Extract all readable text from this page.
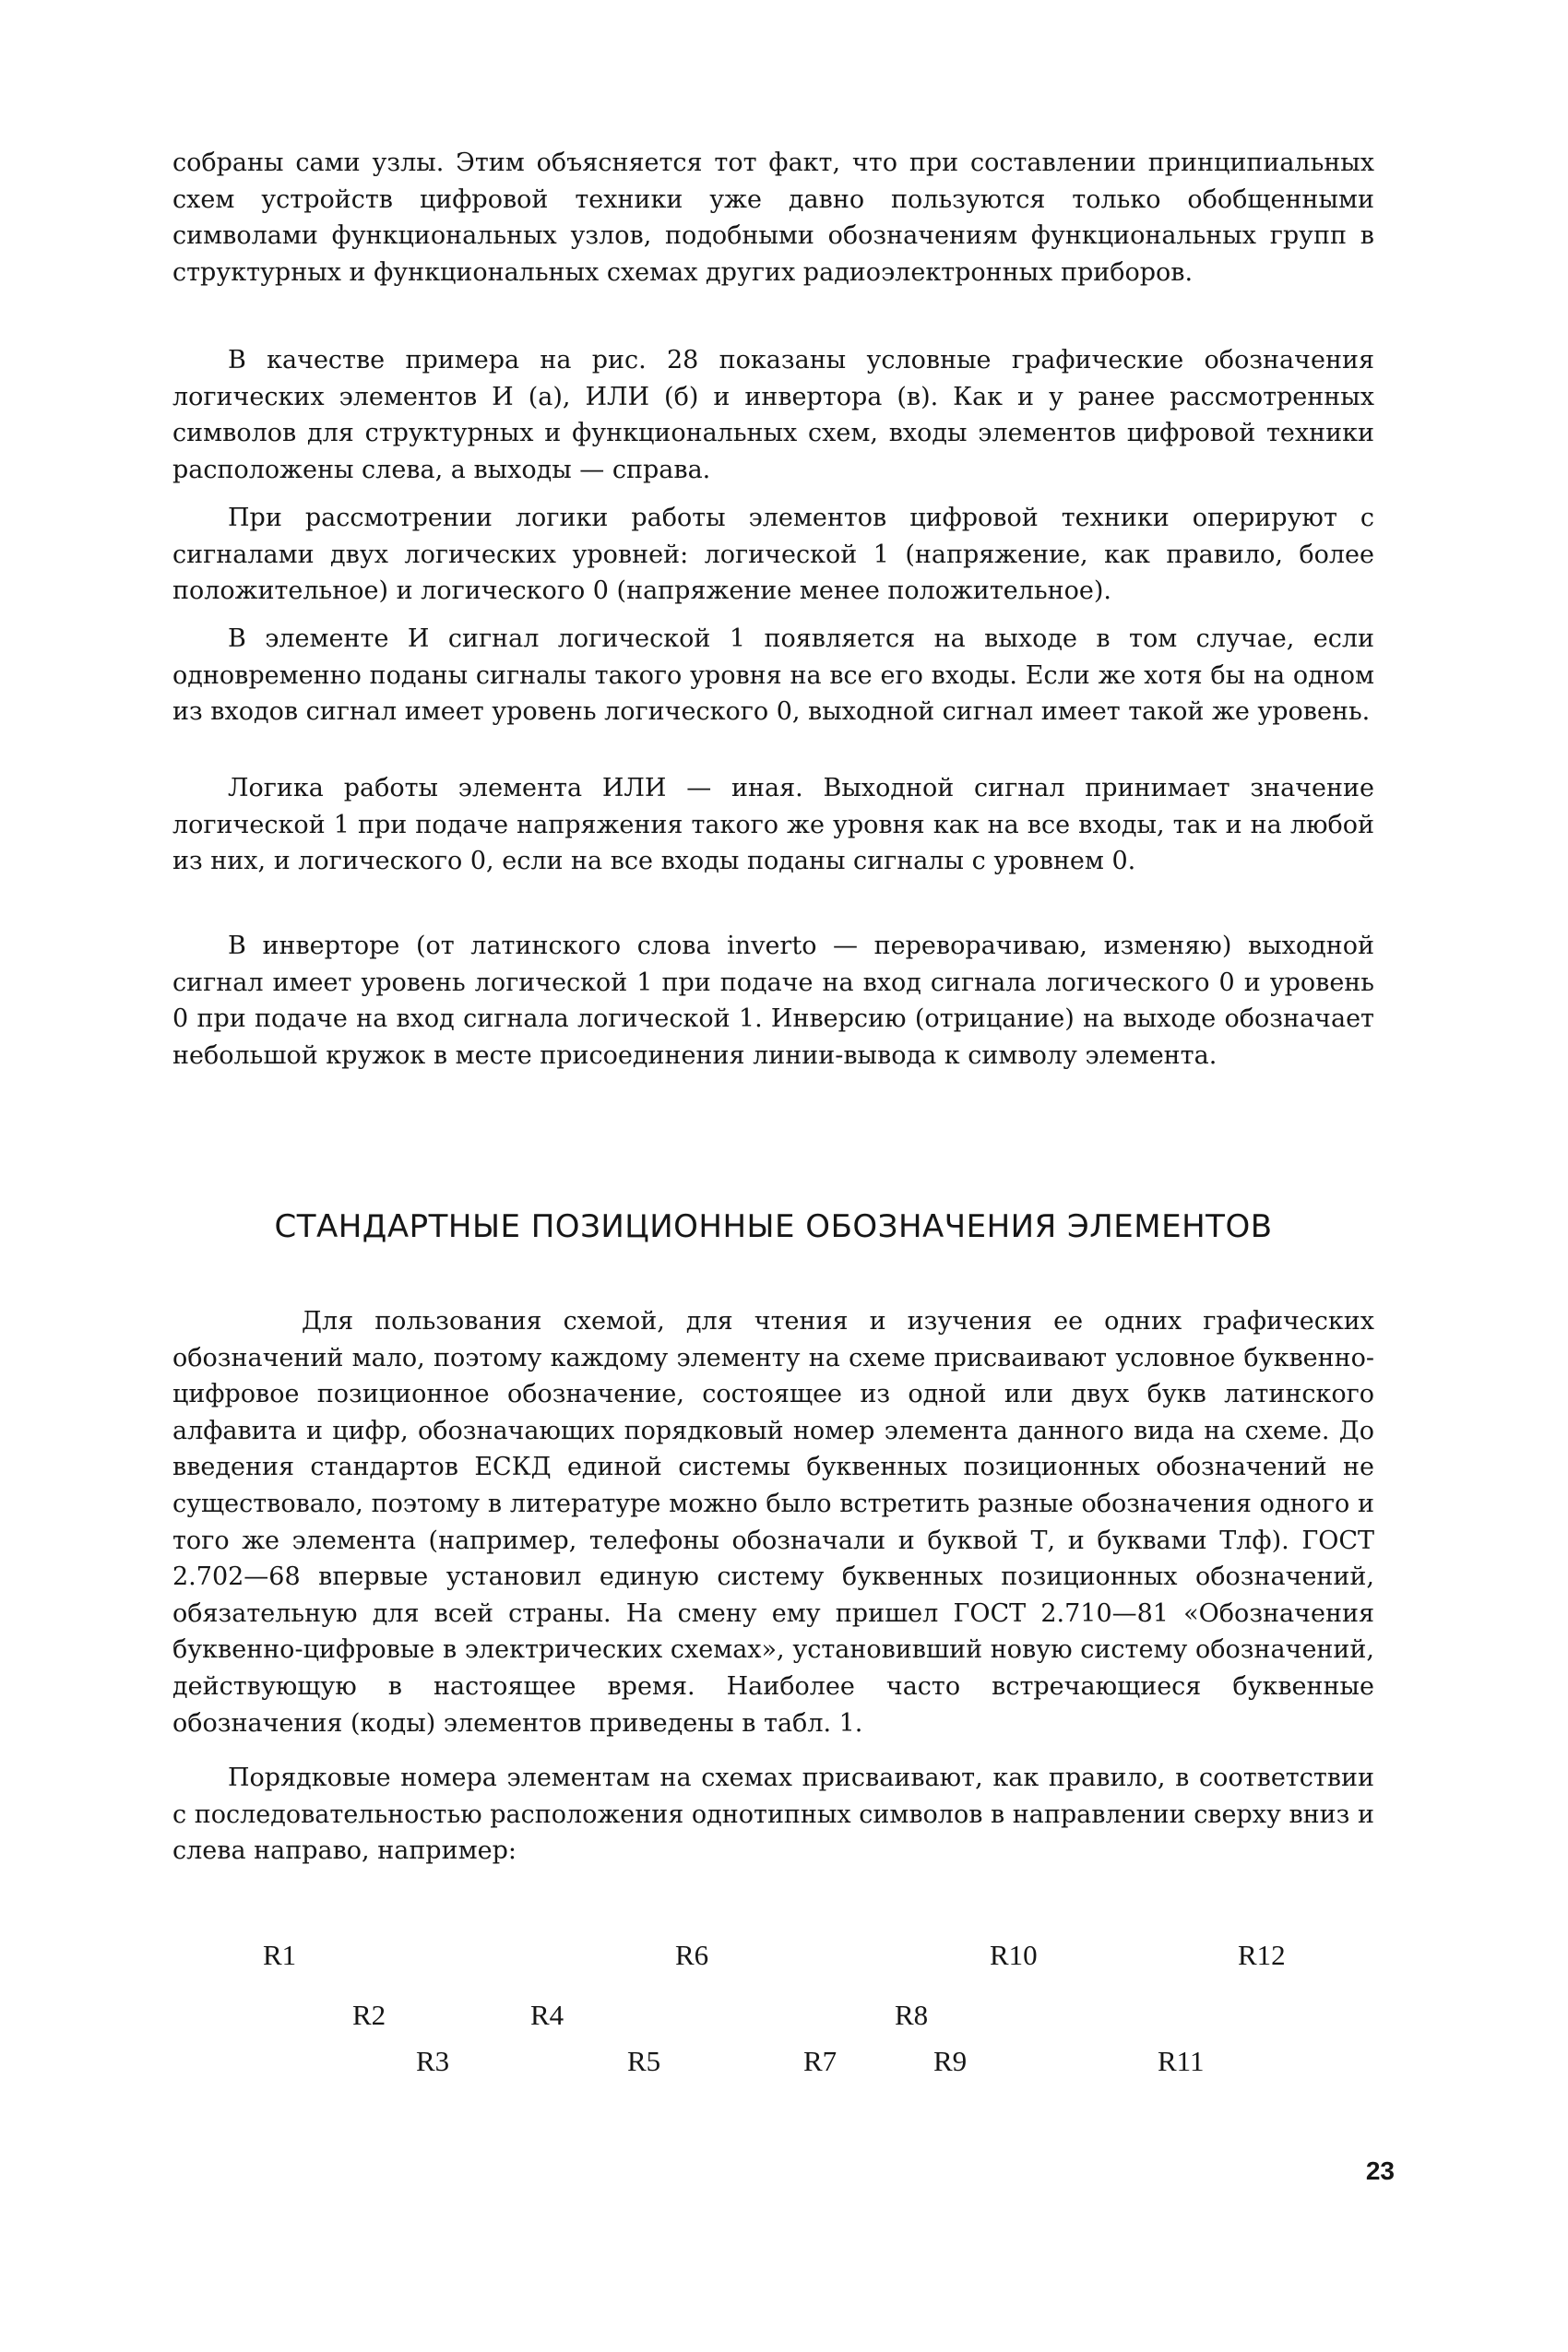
собраны сами узлы. Этим объясняется тот факт, что при составлении принципиальных схем устройств цифровой техники уже давно пользуются только обобщенными символами функциональных узлов, подобными обозначениям функциональных групп в структурных и функциональных схемах других радиоэлектронных приборов.

В качестве примера на рис. 28 показаны условные графические обозначения логических элементов И (а), ИЛИ (б) и инвертора (в). Как и у ранее рассмотренных символов для структурных и функциональных схем, входы элементов цифровой техники расположены слева, а выходы — справа.

При рассмотрении логики работы элементов цифровой техники оперируют с сигналами двух логических уровней: логической 1 (напряжение, как правило, более положительное) и логического 0 (напряжение менее положительное).

В элементе И сигнал логической 1 появляется на выходе в том случае, если одновременно поданы сигналы такого уровня на все его входы. Если же хотя бы на одном из входов сигнал имеет уровень логического 0, выходной сигнал имеет такой же уровень.

Логика работы элемента ИЛИ — иная. Выходной сигнал принимает значение логической 1 при подаче напряжения такого же уровня как на все входы, так и на любой из них, и логического 0, если на все входы поданы сигналы с уровнем 0.

В инверторе (от латинского слова inverto — переворачиваю, изменяю) выходной сигнал имеет уровень логической 1 при подаче на вход сигнала логического 0 и уровень 0 при подаче на вход сигнала логической 1. Инверсию (отрицание) на выходе обозначает небольшой кружок в месте присоединения линии-вывода к символу элемента.

СТАНДАРТНЫЕ ПОЗИЦИОННЫЕ ОБОЗНАЧЕНИЯ ЭЛЕМЕНТОВ

Для пользования схемой, для чтения и изучения ее одних графических обозначений мало, поэтому каждому элементу на схеме присваивают условное буквенно-цифровое позиционное обозначение, состоящее из одной или двух букв латинского алфавита и цифр, обозначающих порядковый номер элемента данного вида на схеме. До введения стандартов ЕСКД единой системы буквенных позиционных обозначений не существовало, поэтому в литературе можно было встретить разные обозначения одного и того же элемента (например, телефоны обозначали и буквой Т, и буквами Тлф). ГОСТ 2.702—68 впервые установил единую систему буквенных позиционных обозначений, обязательную для всей страны. На смену ему пришел ГОСТ 2.710—81 «Обозначения буквенно-цифровые в электрических схемах», установивший новую систему обозначений, действующую в настоящее время. Наиболее часто встречающиеся буквенные обозначения (коды) элементов приведены в табл. 1.

Порядковые номера элементам на схемах присваивают, как правило, в соответствии с последовательностью расположения однотипных символов в направлении сверху вниз и слева направо, например:

R1
R2
R3
R4
R5
R6
R7
R8
R9
R10
R11
R12
23
